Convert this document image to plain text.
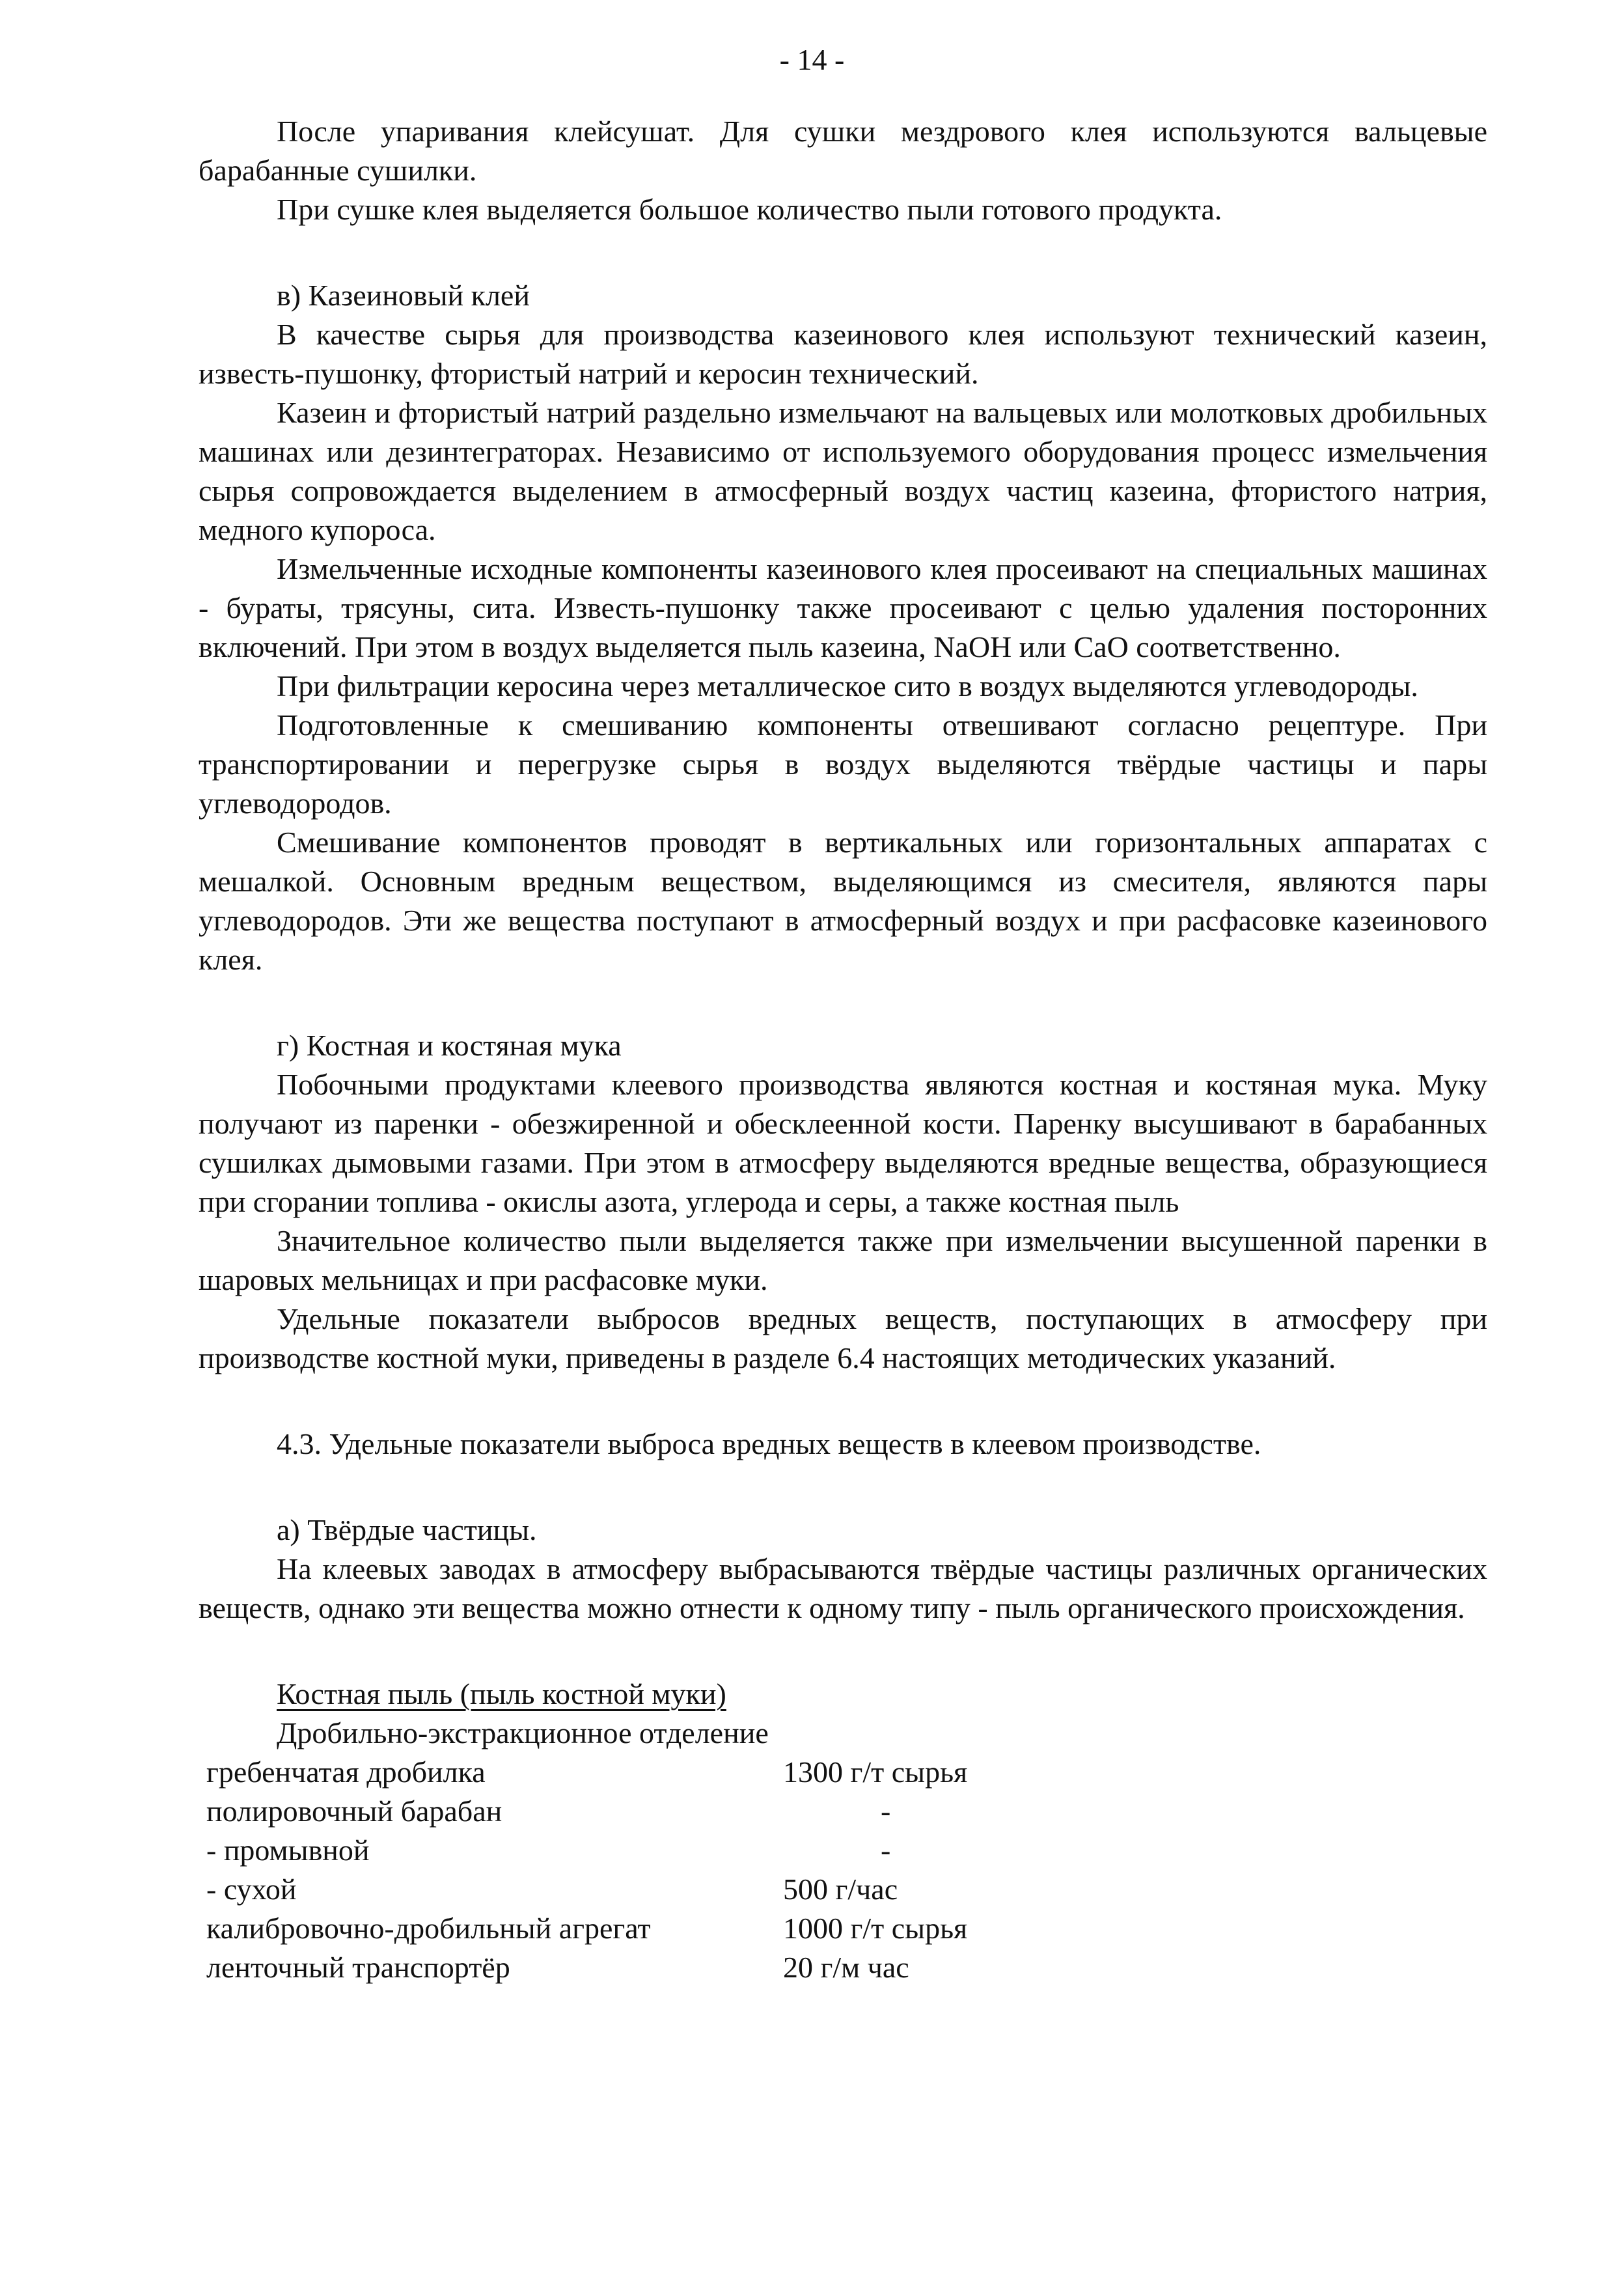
- 14 -

После упаривания клейсушат. Для сушки мездрового клея используются вальцевые барабанные сушилки.

При сушке клея выделяется большое количество пыли готового продукта.

в) Казеиновый клей

В качестве сырья для производства казеинового клея используют технический казеин, известь-пушонку, фтористый натрий и керосин технический.

Казеин и фтористый натрий раздельно измельчают на вальцевых или молотковых дробильных машинах или дезинтеграторах. Независимо от используемого оборудования процесс измельчения сырья сопровождается выделением в атмосферный воздух частиц казеина, фтористого натрия, медного купороса.

Измельченные исходные компоненты казеинового клея просеивают на специальных машинах - бураты, трясуны, сита. Известь-пушонку также просеивают с целью удаления посторонних включений. При этом в воздух выделяется пыль казеина, NaOH или CaO соответственно.

При фильтрации керосина через металлическое сито в воздух выделяются углеводороды.

Подготовленные к смешиванию компоненты отвешивают согласно рецептуре. При транспортировании и перегрузке сырья в воздух выделяются твёрдые частицы и пары углеводородов.

Смешивание компонентов проводят в вертикальных или горизонтальных аппаратах с мешалкой. Основным вредным веществом, выделяющимся из смесителя, являются пары углеводородов. Эти же вещества поступают в атмосферный воздух и при расфасовке казеинового клея.

г) Костная и костяная мука

Побочными продуктами клеевого производства являются костная и костяная мука. Муку получают из паренки - обезжиренной и обесклеенной кости. Паренку высушивают в барабанных сушилках дымовыми газами. При этом в атмосферу выделяются вредные вещества, образующиеся при сгорании топлива - окислы азота, углерода и серы, а также костная пыль

Значительное количество пыли выделяется также при измельчении высушенной паренки в шаровых мельницах и при расфасовке муки.

Удельные показатели выбросов вредных веществ, поступающих в атмосферу при производстве костной муки, приведены в разделе 6.4 настоящих методических указаний.

4.3. Удельные показатели выброса вредных веществ в клеевом производстве.

а) Твёрдые частицы.

На клеевых заводах в атмосферу выбрасываются твёрдые частицы различных органических веществ, однако эти вещества можно отнести к одному типу - пыль органического происхождения.

Костная пыль (пыль костной муки)

Дробильно-экстракционное отделение

гребенчатая дробилка	1300 г/т сырья
полировочный барабан	-
- промывной	-
- сухой	500 г/час
калибровочно-дробильный агрегат	1000 г/т сырья
ленточный транспортёр	20 г/м час
